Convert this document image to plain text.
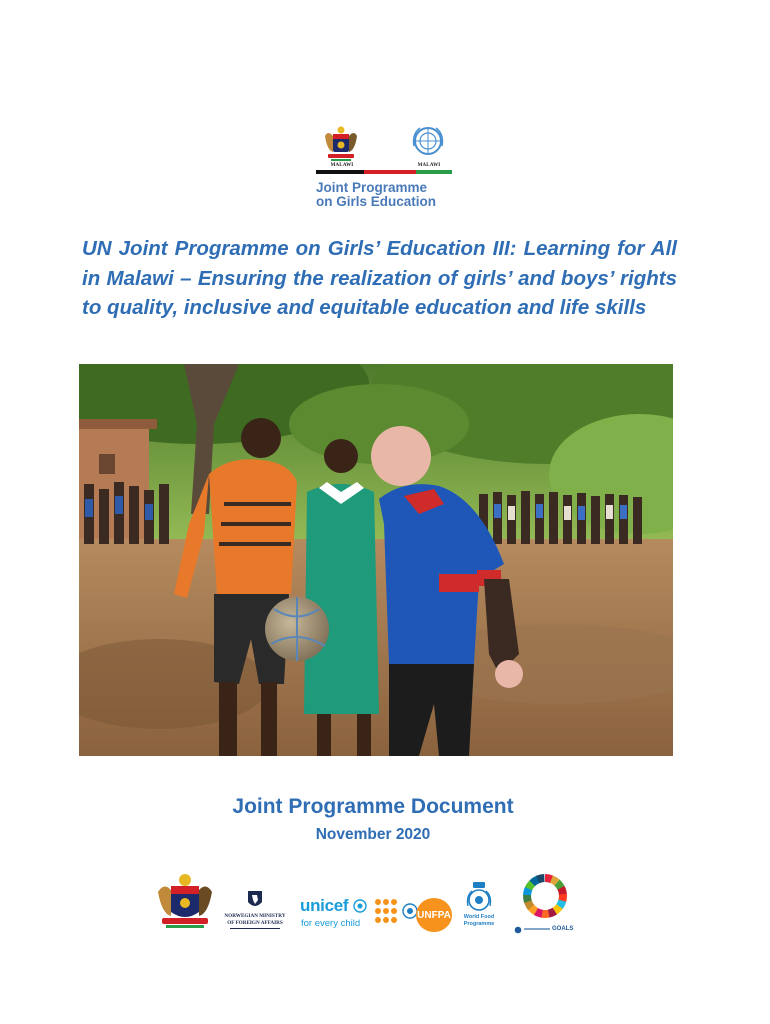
MALAWI	MALAWI
Joint Programme
on Girls Education
UN Joint Programme on Girls’ Education III: Learning for All in Malawi – Ensuring the realization of girls’ and boys’ rights to quality, inclusive and equitable education and life skills
Joint Programme Document
November 2020
NORWEGIAN MINISTRY
OF FOREIGN AFFAIRS
unicef
for every child
UNFPA	World Food
Programme
GOALS
